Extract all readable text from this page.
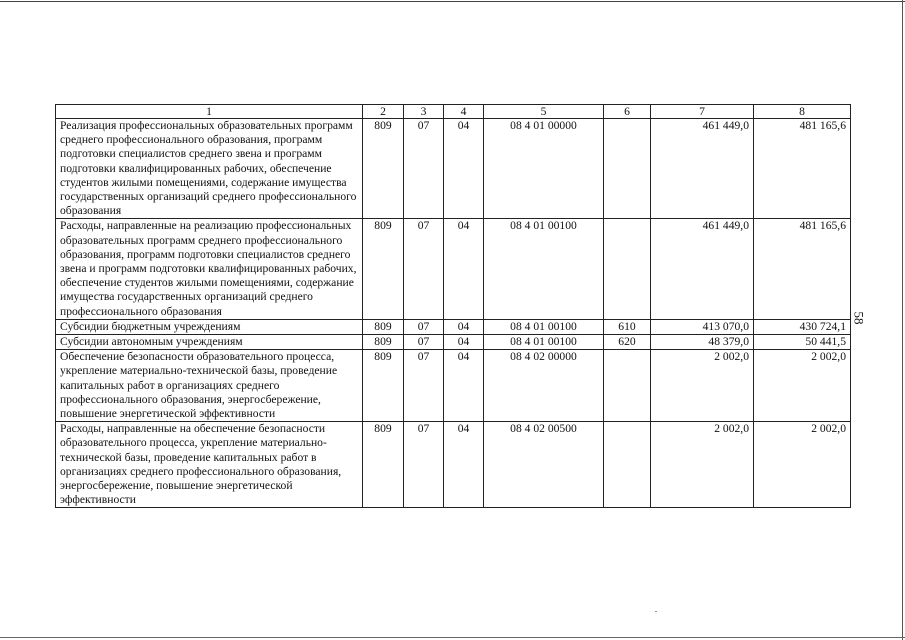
58
1	2	3	4	5	6	7	8
Реализация профессиональных образовательных программ среднего профессионального образования, программ подготовки специалистов среднего звена и программ подготовки квалифицированных рабочих, обеспечение студентов жилыми помещениями, содержание имущества государственных организаций среднего профессионального образования	809	07	04	08 4 01 00000		461 449,0	481 165,6
Расходы, направленные на реализацию профессиональных образовательных программ среднего профессионального образования, программ подготовки специалистов среднего звена и программ подготовки квалифицированных рабочих, обеспечение студентов жилыми помещениями, содержание имущества государственных организаций среднего профессионального образования	809	07	04	08 4 01 00100		461 449,0	481 165,6
Субсидии бюджетным учреждениям	809	07	04	08 4 01 00100	610	413 070,0	430 724,1
Субсидии автономным учреждениям	809	07	04	08 4 01 00100	620	48 379,0	50 441,5
Обеспечение безопасности образовательного процесса, укрепление материально-технической базы, проведение капитальных работ в организациях среднего профессионального образования, энергосбережение, повышение энергетической эффективности	809	07	04	08 4 02 00000		2 002,0	2 002,0
Расходы, направленные на обеспечение безопасности образовательного процесса, укрепление материально-технической базы, проведение капитальных работ в организациях среднего профессионального образования, энергосбережение, повышение энергетической эффективности	809	07	04	08 4 02 00500		2 002,0	2 002,0
